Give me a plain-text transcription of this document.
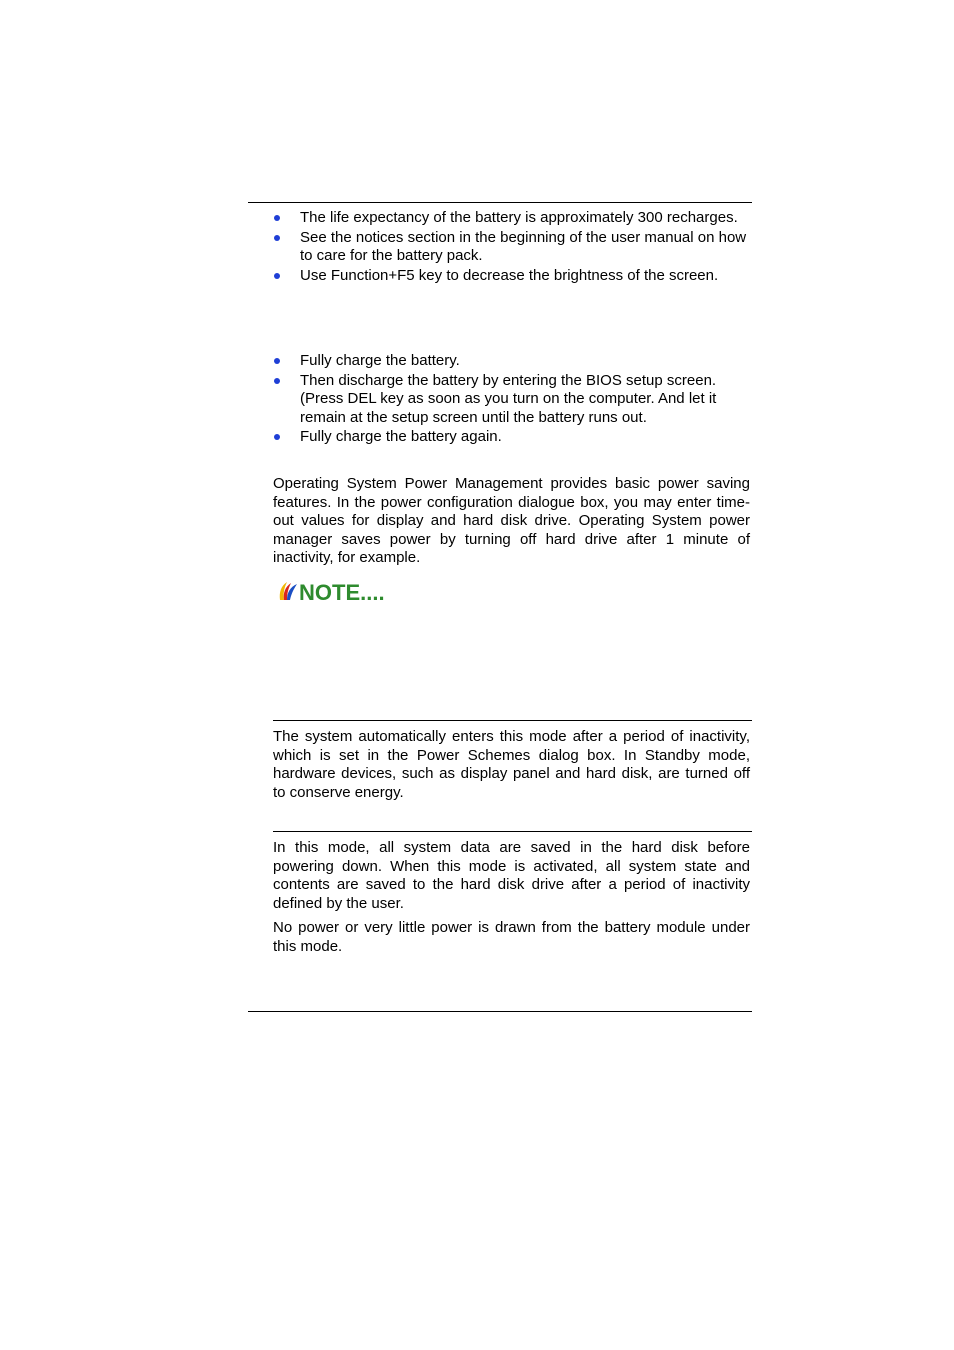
The life expectancy of the battery is approximately 300 recharges.
See the notices section in the beginning of the user manual on how to care for the battery pack.
Use Function+F5 key to decrease the brightness of the screen.
Fully charge the battery.
Then discharge the battery by entering the BIOS setup screen. (Press DEL key as soon as you turn on the computer. And let it remain at the setup screen until the battery runs out.
Fully charge the battery again.

Operating System Power Management provides basic power saving features. In the power configuration dialogue box, you may enter time-out values for display and hard disk drive. Operating System power manager saves power by turning off hard drive after 1 minute of inactivity, for example.

NOTE....

The system automatically enters this mode after a period of inactivity, which is set in the Power Schemes dialog box. In Standby mode, hardware devices, such as display panel and hard disk, are turned off to conserve energy.

In this mode, all system data are saved in the hard disk before powering down. When this mode is activated, all system state and contents are saved to the hard disk drive after a period of inactivity defined by the user.

No power or very little power is drawn from the battery module under this mode.
